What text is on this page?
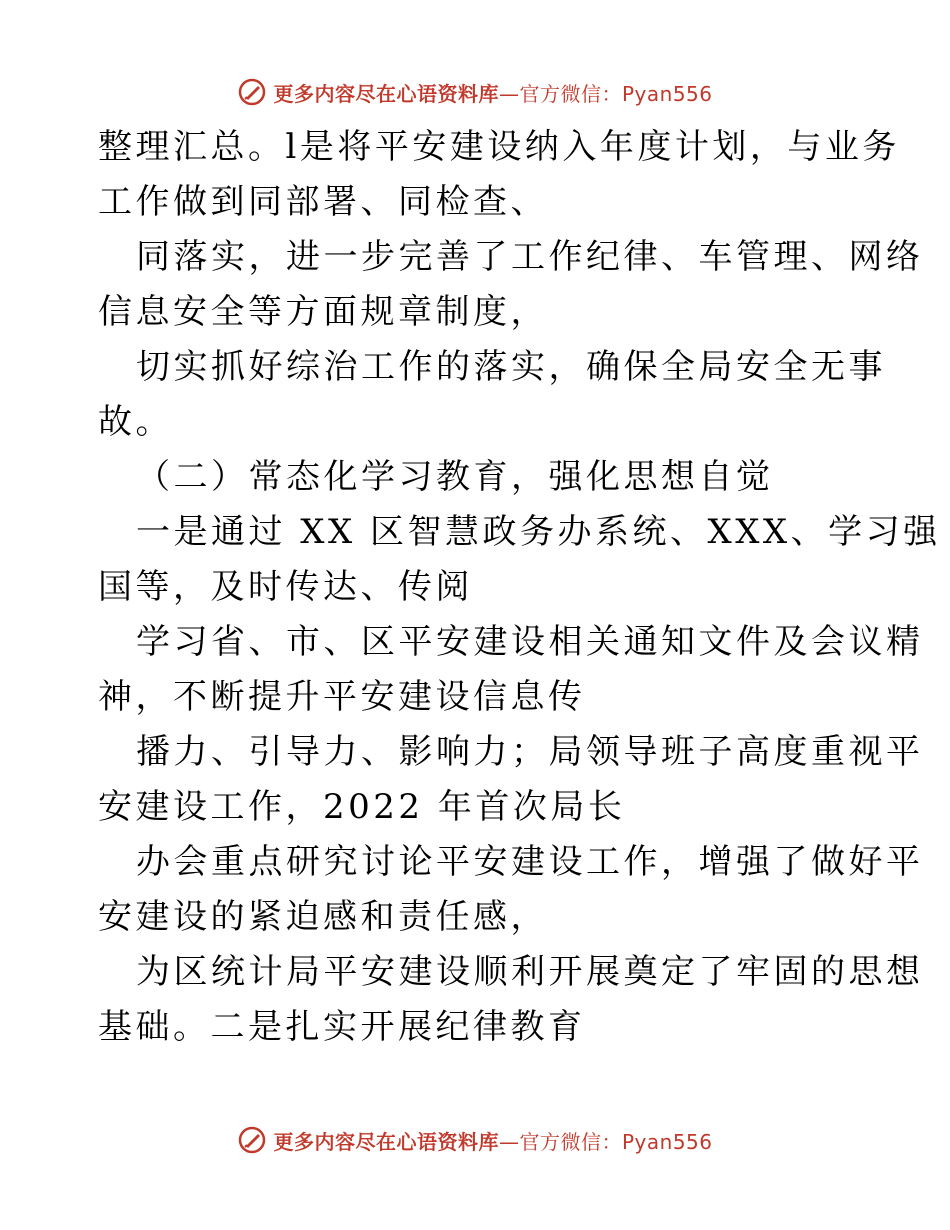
更多内容尽在心语资料库—官方微信：Pyan556
整理汇总。l是将平安建设纳入年度计划，与业务
工作做到同部署、同检查、
同落实，进一步完善了工作纪律、车管理、网络
信息安全等方面规章制度，
切实抓好综治工作的落实，确保全局安全无事
故。
（二）常态化学习教育，强化思想自觉
一是通过 XX 区智慧政务办系统、XXX、学习强
国等，及时传达、传阅
学习省、市、区平安建设相关通知文件及会议精
神，不断提升平安建设信息传
播力、引导力、影响力；局领导班子高度重视平
安建设工作，2022 年首次局长
办会重点研究讨论平安建设工作，增强了做好平
安建设的紧迫感和责任感，
为区统计局平安建设顺利开展奠定了牢固的思想
基础。二是扎实开展纪律教育
更多内容尽在心语资料库—官方微信：Pyan556
